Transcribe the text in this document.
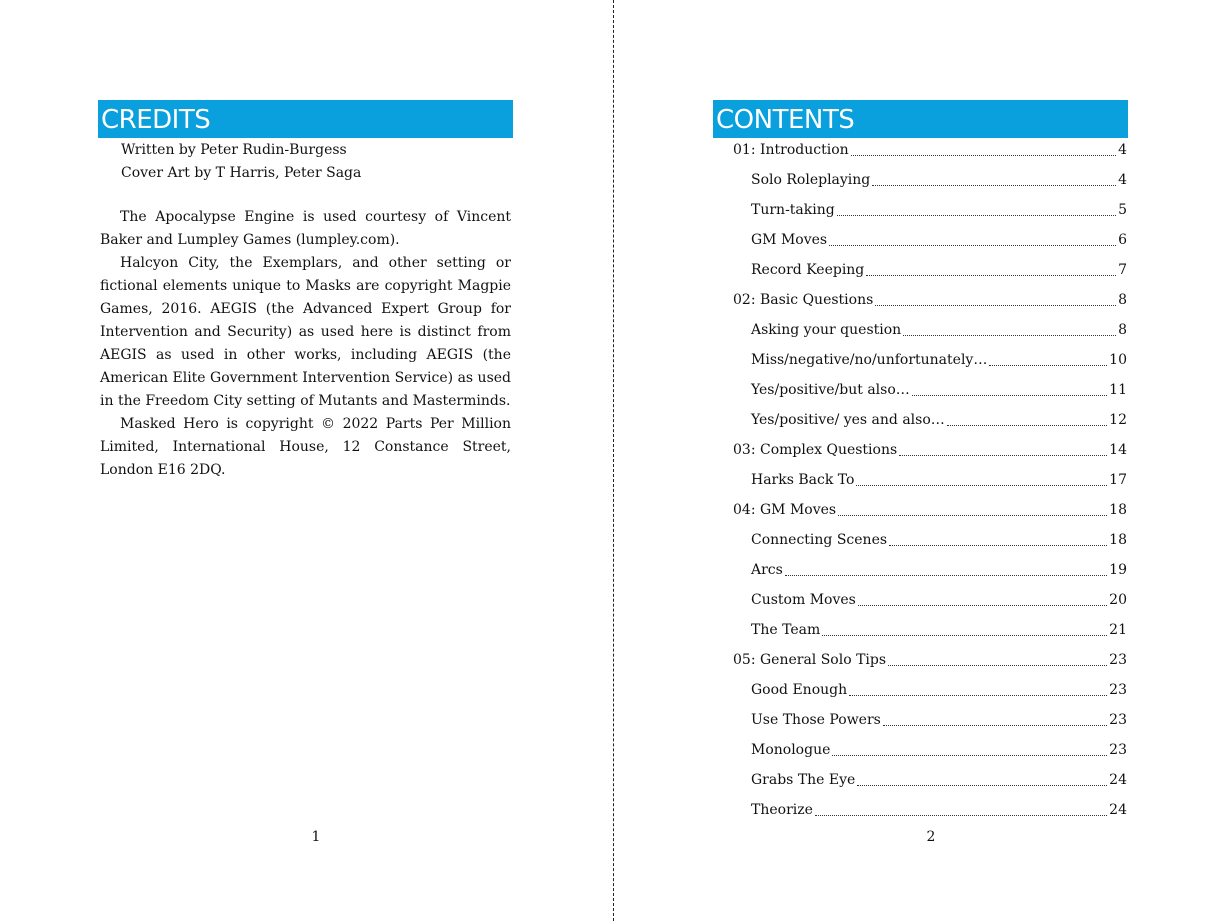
CREDITS
Written by Peter Rudin-Burgess
Cover Art by T Harris, Peter Saga

The Apocalypse Engine is used courtesy of Vincent Baker and Lumpley Games (lumpley.com).

Halcyon City, the Exemplars, and other setting or fictional elements unique to Masks are copyright Magpie Games, 2016. AEGIS (the Advanced Expert Group for Intervention and Security) as used here is distinct from AEGIS as used in other works, including AEGIS (the American Elite Government Intervention Service) as used in the Freedom City setting of Mutants and Masterminds.

Masked Hero is copyright © 2022 Parts Per Million Limited, International House, 12 Constance Street, London E16 2DQ.

1
CONTENTS
01: Introduction	4
Solo Roleplaying	4
Turn-taking	5
GM Moves	6
Record Keeping	7
02: Basic Questions	8
Asking your question	8
Miss/negative/no/unfortunately…	10
Yes/positive/but also…	11
Yes/positive/ yes and also…	12
03: Complex Questions	14
Harks Back To	17
04: GM Moves	18
Connecting Scenes	18
Arcs	19
Custom Moves	20
The Team	21
05: General Solo Tips	23
Good Enough	23
Use Those Powers	23
Monologue	23
Grabs The Eye	24
Theorize	24
2
